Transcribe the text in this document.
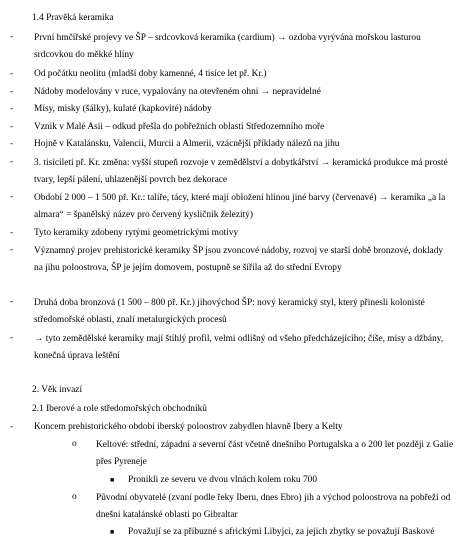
1.4 Pravěká keramika
- První hmčířské projevy ve ŠP – srdcovková keramika (cardium) → ozdoba vyrývána mořskou lasturou srdcovkou do měkké hlíny
- Od počátku neolitu (mladší doby kamenné, 4 tisíce let př. Kr.)
- Nádoby modelovány v ruce, vypalovány na otevřeném ohni → nepravidelné
- Mísy, misky (šálky), kulaté (kapkovité) nádoby
- Vznik v Malé Asii – odkud přešla do pobřežních oblastí Středozemního moře
- Hojně v Katalánsku, Valencii, Murcii a Almerii, vzácnější příklady nálezů na jihu
- 3. tisíciletí př. Kr. změna: vyšší stupeň rozvoje v zemědělství a dobytkářství → keramická produkce má prosté tvary, lepší pálení, uhlazenější povrch bez dekorace
- Období 2 000 – 1 500 př. Kr.: talíře, tácy, které mají obložení hlínou jiné barvy (červenavé) → keramika „a la almara“ = španělský název pro červený kysličník železitý)
- Tyto keramiky zdobeny rytými geometrickými motivy
- Významný projev prehistorické keramiky ŠP jsou zvoncové nádoby, rozvoj ve starší době bronzové, doklady na jihu poloostrova, ŠP je jejím domovem, postupně se šířila až do střední Evropy
- Druhá doba bronzová (1 500 – 800 př. Kr.) jihovýchod ŠP: nový keramický styl, který přinesli kolonisté středomořské oblasti, znalí metalurgických procesů
- → tyto zemědělské keramiky mají štíhlý profil, velmi odlišný od všeho předcházejícího; číše, mísy a džbány, konečná úprava leštění
2. Věk invazí
2.1 Iberové a role středomořských obchodníků
- Koncem prehistorického období iberský poloostrov zabydlen hlavně Ibery a Kelty
o Keltové: střední, západní a severní část včetně dnešního Portugalska a o 200 let později z Galie přes Pyreneje
■ Pronikli ze severu ve dvou vlnách kolem roku 700
o Původní obyvatelé (zvaní podle řeky Iberu, dnes Ebro) jih a východ poloostrova na pobřeží od dnešní katalánské oblasti po Gibraltar
■ Považují se za příbuzné s africkými Libyjci, za jejich zbytky se považují Baskové
